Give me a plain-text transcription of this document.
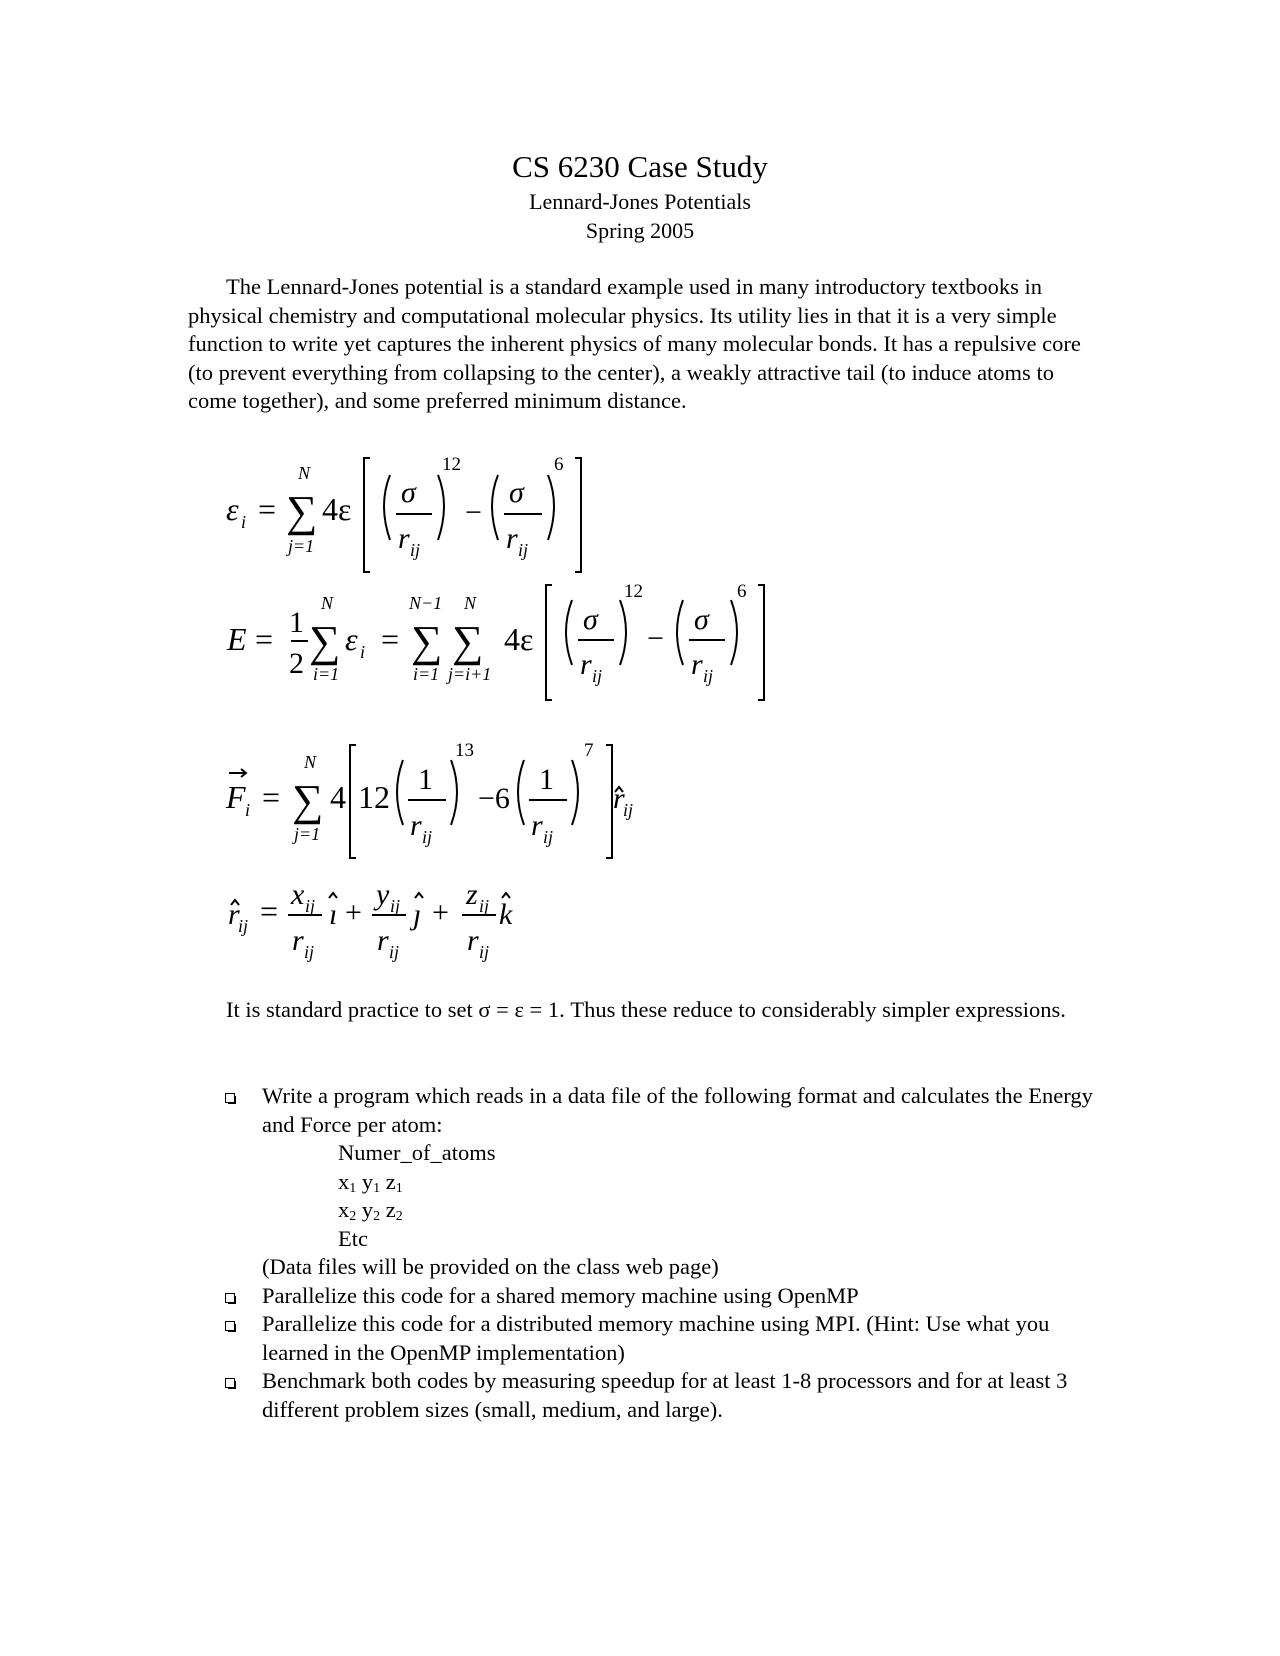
CS 6230 Case Study
Lennard-Jones Potentials
Spring 2005

The Lennard-Jones potential is a standard example used in many introductory textbooks in physical chemistry and computational molecular physics. Its utility lies in that it is a very simple function to write yet captures the inherent physics of many molecular bonds. It has a repulsive core (to prevent everything from collapsing to the center), a weakly attractive tail (to induce atoms to come together), and some preferred minimum distance.

ε i = ∑
N
j=1
4ε σ
r ij
12
−
σ
r ij
6
E = 1
2 ∑
N
i=1
ε i = ∑
N−1
i=1
∑
N
j=i+1
4ε
σ
r ij
12
−
σ
r ij
6
F i = ∑
N
j=1
4 12 1
r ij
13
−6
1
r ij
7
r
ij
r
ij = x ij
r ij
ı +
y ij
r ij
ȷ +
z ij
r ij
k

It is standard practice to set σ = ε = 1. Thus these reduce to considerably simpler expressions.

Write a program which reads in a data file of the following format and calculates the Energy and Force per atom:
Numer_of_atoms
$x_1$ $y_1$ $z_1$
$x_2$ $y_2$ $z_2$
Etc
(Data files will be provided on the class web page)
Parallelize this code for a shared memory machine using OpenMP
Parallelize this code for a distributed memory machine using MPI. (Hint: Use what you learned in the OpenMP implementation)
Benchmark both codes by measuring speedup for at least 1-8 processors and for at least 3 different problem sizes (small, medium, and large).
